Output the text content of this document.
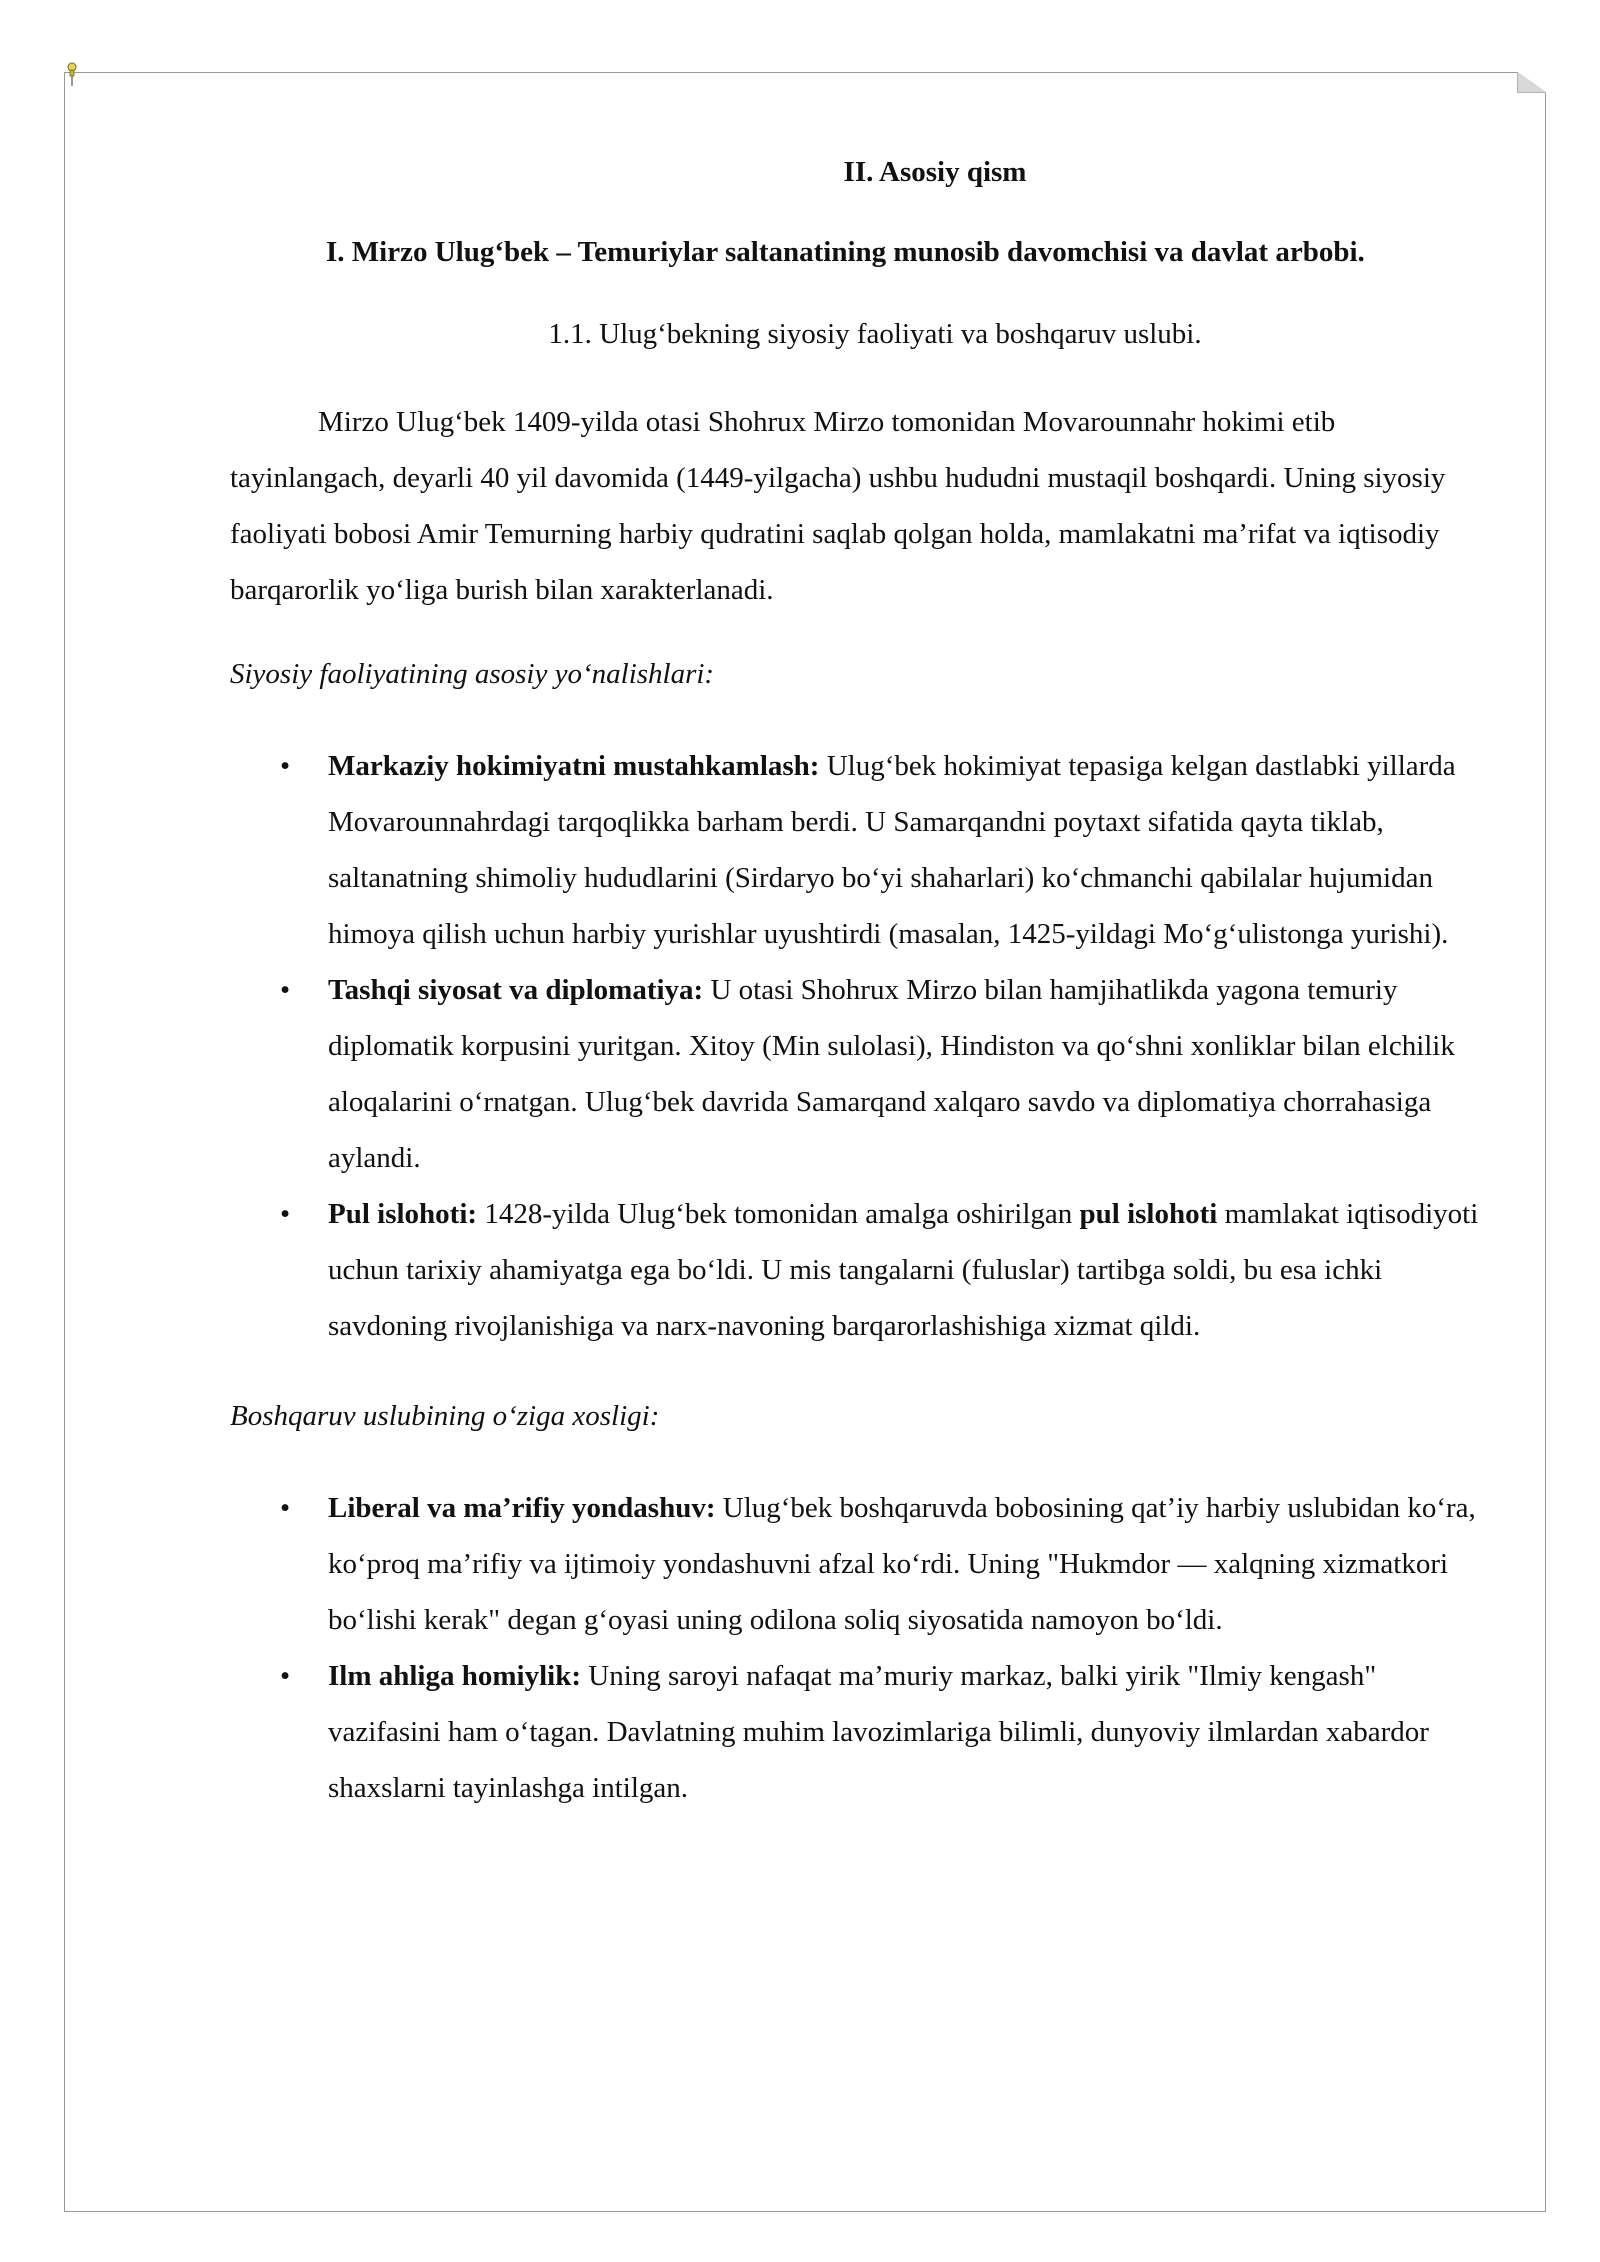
II. Asosiy qism
I. Mirzo Ulug‘bek – Temuriylar saltanatining munosib davomchisi va davlat arbobi.
1.1. Ulug‘bekning siyosiy faoliyati va boshqaruv uslubi.

Mirzo Ulug‘bek 1409-yilda otasi Shohrux Mirzo tomonidan Movarounnahr hokimi etib tayinlangach, deyarli 40 yil davomida (1449-yilgacha) ushbu hududni mustaqil boshqardi. Uning siyosiy faoliyati bobosi Amir Temurning harbiy qudratini saqlab qolgan holda, mamlakatni ma’rifat va iqtisodiy barqarorlik yo‘liga burish bilan xarakterlanadi.

Siyosiy faoliyatining asosiy yo‘nalishlari:
• Markaziy hokimiyatni mustahkamlash: Ulug‘bek hokimiyat tepasiga kelgan dastlabki yillarda Movarounnahrdagi tarqoqlikka barham berdi. U Samarqandni poytaxt sifatida qayta tiklab, saltanatning shimoliy hududlarini (Sirdaryo bo‘yi shaharlari) ko‘chmanchi qabilalar hujumidan himoya qilish uchun harbiy yurishlar uyushtirdi (masalan, 1425-yildagi Mo‘g‘ulistonga yurishi).
• Tashqi siyosat va diplomatiya: U otasi Shohrux Mirzo bilan hamjihatlikda yagona temuriy diplomatik korpusini yuritgan. Xitoy (Min sulolasi), Hindiston va qo‘shni xonliklar bilan elchilik aloqalarini o‘rnatgan. Ulug‘bek davrida Samarqand xalqaro savdo va diplomatiya chorrahasiga aylandi.
• Pul islohoti: 1428-yilda Ulug‘bek tomonidan amalga oshirilgan pul islohoti mamlakat iqtisodiyoti uchun tarixiy ahamiyatga ega bo‘ldi. U mis tangalarni (fuluslar) tartibga soldi, bu esa ichki savdoning rivojlanishiga va narx-navoning barqarorlashishiga xizmat qildi.
Boshqaruv uslubining o‘ziga xosligi:
• Liberal va ma’rifiy yondashuv: Ulug‘bek boshqaruvda bobosining qat’iy harbiy uslubidan ko‘ra, ko‘proq ma’rifiy va ijtimoiy yondashuvni afzal ko‘rdi. Uning "Hukmdor — xalqning xizmatkori bo‘lishi kerak" degan g‘oyasi uning odilona soliq siyosatida namoyon bo‘ldi.
• Ilm ahliga homiylik: Uning saroyi nafaqat ma’muriy markaz, balki yirik "Ilmiy kengash" vazifasini ham o‘tagan. Davlatning muhim lavozimlariga bilimli, dunyoviy ilmlardan xabardor shaxslarni tayinlashga intilgan.
